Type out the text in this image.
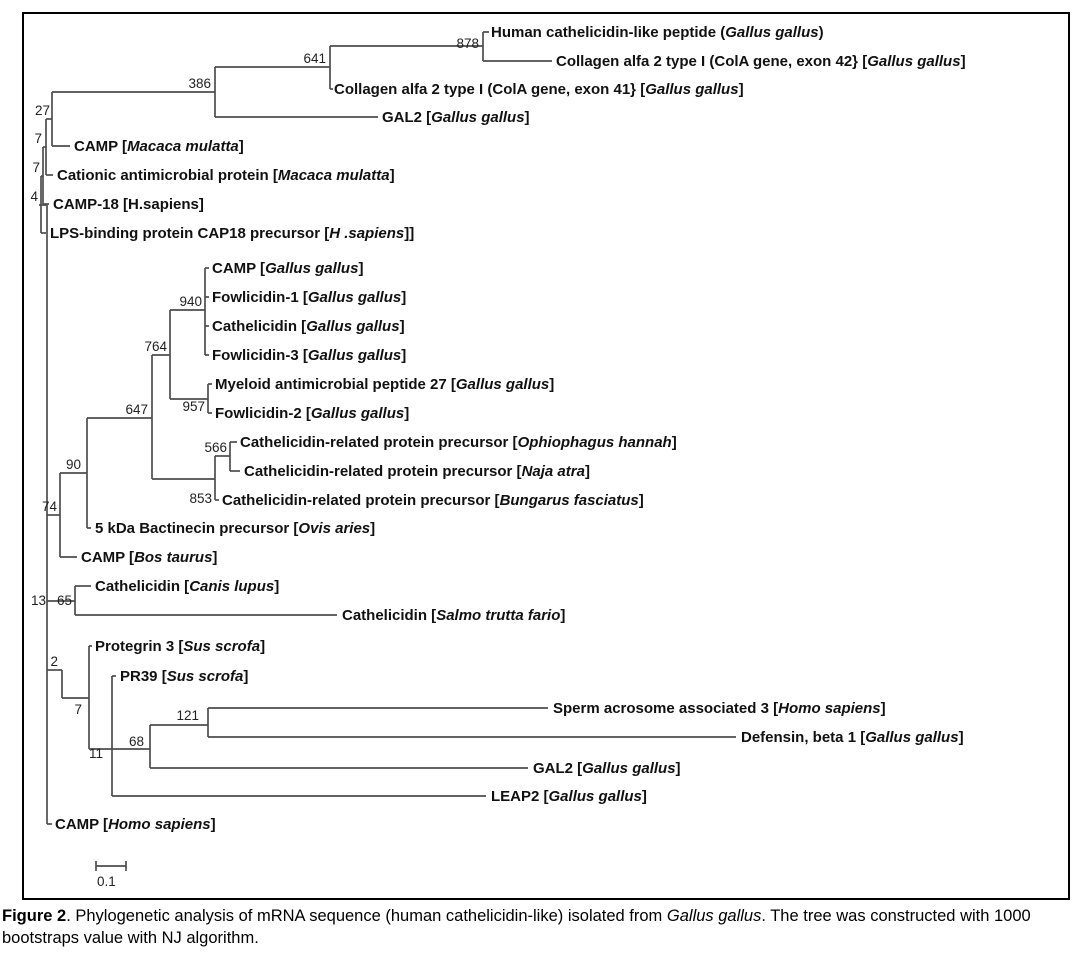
Human cathelicidin-like peptide (Gallus gallus)
Collagen alfa 2 type I (ColA gene, exon 42} [Gallus gallus]
Collagen alfa 2 type I (ColA gene, exon 41} [Gallus gallus]
GAL2 [Gallus gallus]
CAMP [Macaca mulatta]
Cationic antimicrobial protein [Macaca mulatta]
CAMP-18 [H.sapiens]
LPS-binding protein CAP18 precursor [H .sapiens]]
CAMP [Gallus gallus]
Fowlicidin-1 [Gallus gallus]
Cathelicidin [Gallus gallus]
Fowlicidin-3 [Gallus gallus]
Myeloid antimicrobial peptide 27 [Gallus gallus]
Fowlicidin-2 [Gallus gallus]
Cathelicidin-related protein precursor [Ophiophagus hannah]
Cathelicidin-related protein precursor [Naja atra]
Cathelicidin-related protein precursor [Bungarus fasciatus]
5 kDa Bactinecin precursor [Ovis aries]
CAMP [Bos taurus]
Cathelicidin [Canis lupus]
Cathelicidin [Salmo trutta fario]
Protegrin 3 [Sus scrofa]
PR39 [Sus scrofa]
Sperm acrosome associated 3 [Homo sapiens]
Defensin, beta 1 [Gallus gallus]
GAL2 [Gallus gallus]
LEAP2 [Gallus gallus]
CAMP [Homo sapiens]
878
641
386
27
7
7
4
940
764
647	957
566
853
90
74
13 65
2
7
11
68
121
0.1
Figure 2. Phylogenetic analysis of mRNA sequence (human cathelicidin-like) isolated from Gallus gallus. The tree was constructed with 1000 bootstraps value with NJ algorithm.
